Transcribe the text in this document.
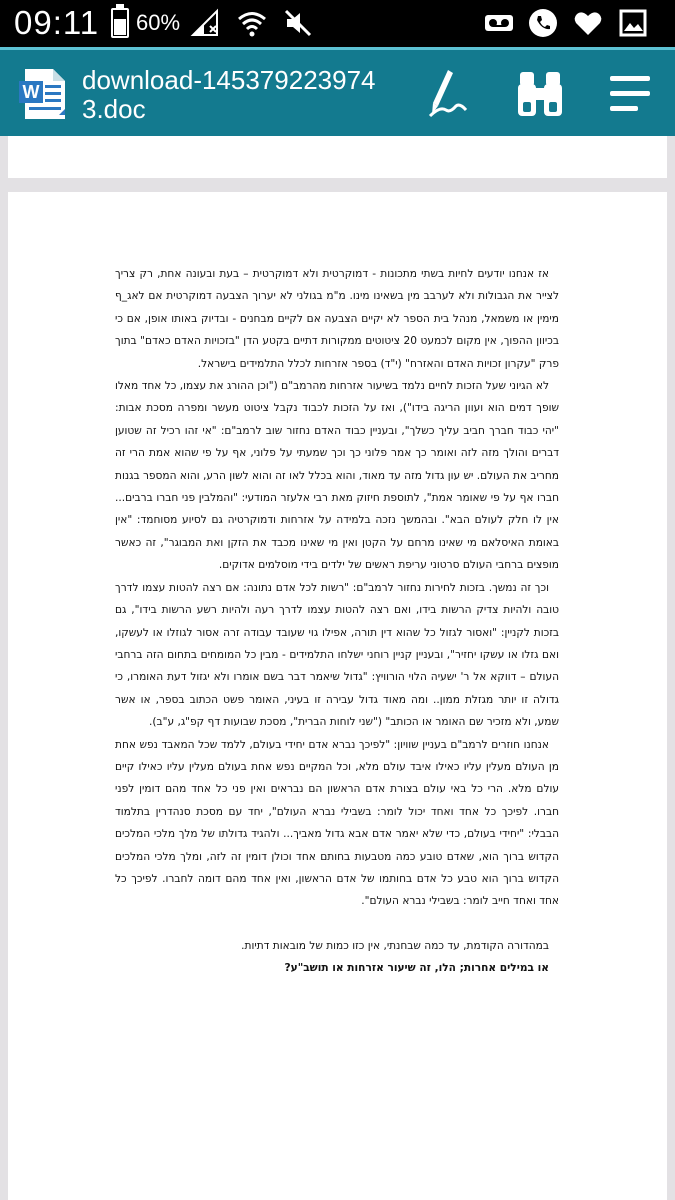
09:11 60%
W download-145379223974
3.doc

אז אנחנו יודעים לחיות בשתי מתכונות - דמוקרטית ולא דמוקרטית – בעת ובעונה אחת, רק צריך לצייר את הגבולות ולא לערבב מין בשאינו מינו. מ"מ בגולני לא יערוך הצבעה דמוקרטית אם לאג_ף מימין או משמאל, מנהל בית הספר לא יקיים הצבעה אם לקיים מבחנים - ובדיוק באותו אופן, אם כי בכיוון ההפוך, אין מקום לכמעט 20 ציטוטים ממקורות דתיים בקטע הדן "בזכויות האדם כאדם" בתוך פרק "עקרון זכויות האדם והאזרח" (י"ד) בספר אזרחות לכלל התלמידים בישראל.

לא הגיוני שעל הזכות לחיים נלמד בשיעור אזרחות מהרמב"ם ("וכן ההורג את עצמו, כל אחד מאלו שופך דמים הוא ועוון הריגה בידו"), ואז על הזכות לכבוד נקבל ציטוט מעשר ומפרה מסכת אבות: "יהי כבוד חברך חביב עליך כשלך", ובעניין כבוד האדם נחזור שוב לרמב"ם: "אי זהו רכיל זה שטוען דברים והולך מזה לזה ואומר כך אמר פלוני כך וכך שמעתי על פלוני, אף על פי שהוא אמת הרי זה מחריב את העולם. יש עון גדול מזה עד מאוד, והוא בכלל לאו זה והוא לשון הרע, והוא המספר בגנות חברו אף על פי שאומר אמת", לתוספת חיזוק מאת רבי אלעזר המודעי: "והמלבין פני חברו ברבים... אין לו חלק לעולם הבא". ובהמשך נזכה בלמידה על אזרחות ודמוקרטיה גם לסיוע מסוחמד: "אין באומת האיסלאם מי שאינו מרחם על הקטן ואין מי שאינו מכבד את הזקן ואת המבוגר", זה כאשר מופצים ברחבי העולם סרטוני עריפת ראשים של ילדים בידי מוסלמים אדוקים.

וכך זה נמשך. בזכות לחירות נחזור לרמב"ם: "רשות לכל אדם נתונה: אם רצה להטות עצמו לדרך טובה ולהיות צדיק הרשות בידו, ואם רצה להטות עצמו לדרך רעה ולהיות רשע הרשות בידו", גם בזכות לקניין: "ואסור לגזול כל שהוא דין תורה, אפילו גוי שעובד עבודה זרה אסור לגוזלו או לעשקו, ואם גזלו או עשקו יחזיר", ובעניין קניין רוחני ישלחו התלמידים - מבין כל המומחים בתחום הזה ברחבי העולם – דווקא אל ר' ישעיה הלוי הורוויץ: "גדול שיאמר דבר בשם אומרו ולא יגזול דעת האומרו, כי גדולה זו יותר מגזלת ממון.. ומה מאוד גדול עבירה זו בעיני, האומר פשט הכתוב בספר, או אשר שמע, ולא מזכיר שם האומר או הכותב" ("שני לוחות הברית", מסכת שבועות דף קפ"ג, ע"ב).

אנחנו חוזרים לרמב"ם בעניין שוויון: "לפיכך נברא אדם יחידי בעולם, ללמד שכל המאבד נפש אחת מן העולם מעלין עליו כאילו איבד עולם מלא, וכל המקיים נפש אחת בעולם מעלין עליו כאילו קיים עולם מלא. הרי כל באי עולם בצורת אדם הראשון הם נבראים ואין פני כל אחד מהם דומין לפני חברו. לפיכך כל אחד ואחד יכול לומר: בשבילי נברא העולם", יחד עם מסכת סנהדרין בתלמוד הבבלי: "יחידי בעולם, כדי שלא יאמר אדם אבא גדול מאביך... ולהגיד גדולתו של מלך מלכי המלכים הקדוש ברוך הוא, שאדם טובע כמה מטבעות בחותם אחד וכולן דומין זה לזה, ומלך מלכי המלכים הקדוש ברוך הוא טבע כל אדם בחותמו של אדם הראשון, ואין אחד מהם דומה לחברו. לפיכך כל אחד ואחד חייב לומר: בשבילי נברא העולם".

במהדורה הקודמת, עד כמה שבחנתי, אין כזו כמות של מובאות דתיות.

או במילים אחרות; הלו, זה שיעור אזרחות או תושב"ע?
